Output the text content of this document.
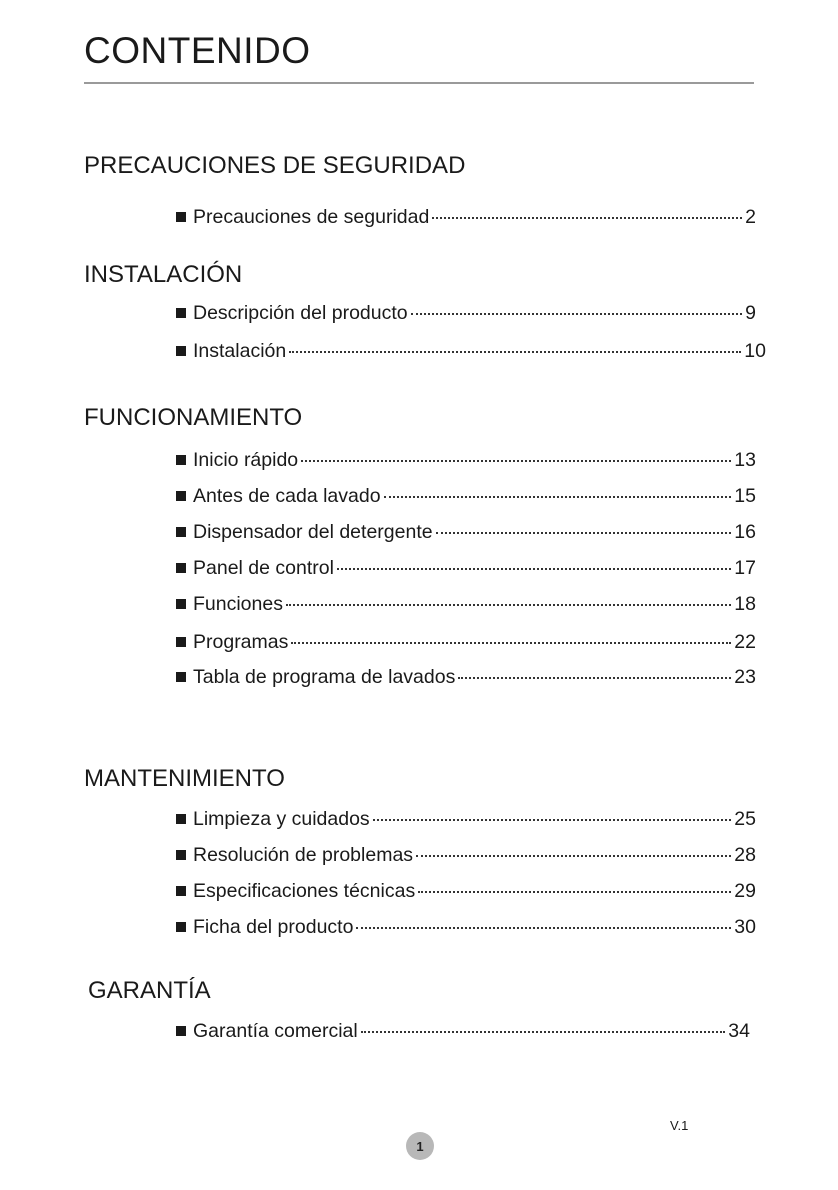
CONTENIDO
PRECAUCIONES DE SEGURIDAD
Precauciones de seguridad	2
INSTALACIÓN
Descripción del producto	9
Instalación	10
FUNCIONAMIENTO
Inicio rápido	13
Antes de cada lavado	15
Dispensador del detergente	16
Panel de control	17
Funciones	18
Programas	22
Tabla de programa de lavados	23
MANTENIMIENTO
Limpieza y cuidados	25
Resolución de problemas	28
Especificaciones técnicas	29
Ficha del producto	30
GARANTÍA
Garantía comercial	34
V.1
1
